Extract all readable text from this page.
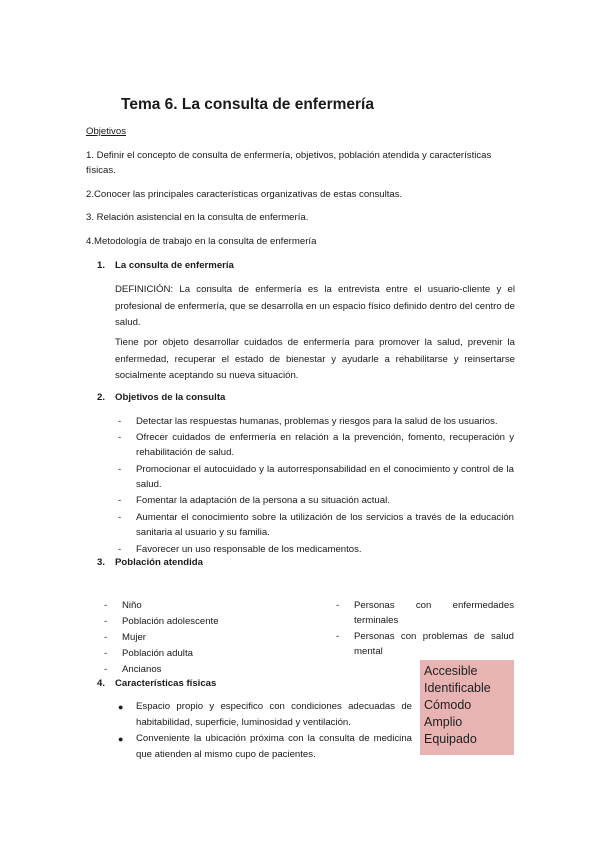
Tema 6. La consulta de enfermería
Objetivos
1. Definir el concepto de consulta de enfermería, objetivos, población atendida y características físicas.
2.Conocer las principales características organizativas de estas consultas.
3. Relación asistencial en la consulta de enfermería.
4.Metodología de trabajo en la consulta de enfermería
1. La consulta de enfermería
DEFINICIÓN: La consulta de enfermería es la entrevista entre el usuario-cliente y el profesional de enfermería, que se desarrolla en un espacio físico definido dentro del centro de salud.
Tiene por objeto desarrollar cuidados de enfermería para promover la salud, prevenir la enfermedad, recuperar el estado de bienestar y ayudarle a rehabilitarse y reinsertarse socialmente aceptando su nueva situación.
2. Objetivos de la consulta
- Detectar las respuestas humanas, problemas y riesgos para la salud de los usuarios.
- Ofrecer cuidados de enfermería en relación a la prevención, fomento, recuperación y rehabilitación de salud.
- Promocionar el autocuidado y la autorresponsabilidad en el conocimiento y control de la salud.
- Fomentar la adaptación de la persona a su situación actual.
- Aumentar el conocimiento sobre la utilización de los servicios a través de la educación sanitaria al usuario y su familia.
- Favorecer un uso responsable de los medicamentos.
3. Población atendida
- Niño
- Población adolescente
- Mujer
- Población adulta
- Ancianos
- Personas con enfermedades terminales
- Personas con problemas de salud mental
Accesible
Identificable
Cómodo
Amplio
Equipado
4. Características físicas
● Espacio propio y especifico con condiciones adecuadas de habitabilidad, superficie, luminosidad y ventilación.
● Conveniente la ubicación próxima con la consulta de medicina que atienden al mismo cupo de pacientes.
